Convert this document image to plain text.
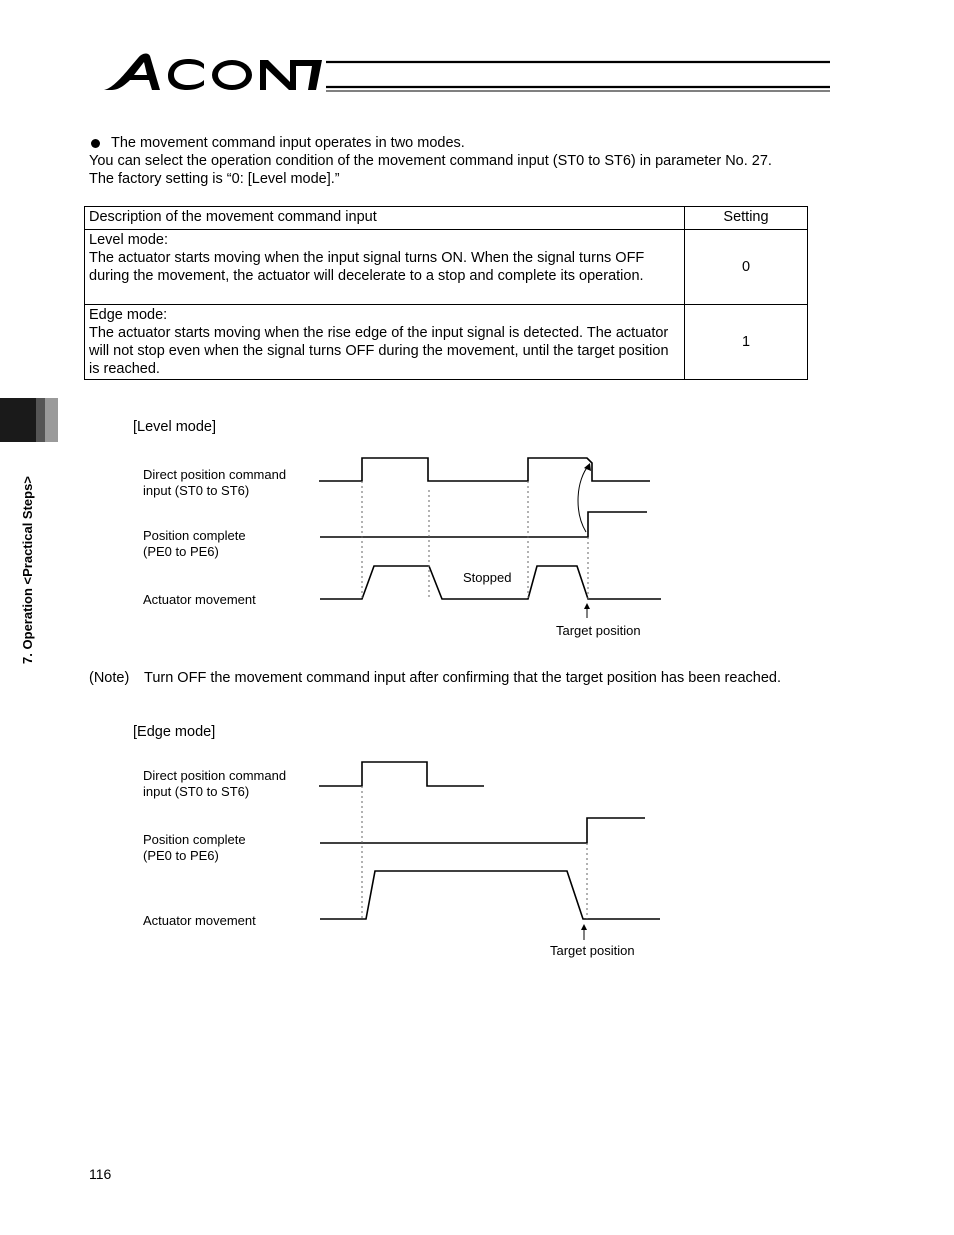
The movement command input operates in two modes.
You can select the operation condition of the movement command input (ST0 to ST6) in parameter No. 27.
The factory setting is “0: [Level mode].”
Description of the movement command input	Setting

Level mode:
The actuator starts moving when the input signal turns ON. When the signal turns OFF during the movement, the actuator will decelerate to a stop and complete its operation.	0

Edge mode:
The actuator starts moving when the rise edge of the input signal is detected. The actuator will not stop even when the signal turns OFF during the movement, until the target position is reached.	1
7. Operation <Practical Steps>
[Level mode]
Direct position command
input (ST0 to ST6)
Position complete
(PE0 to PE6)
Actuator movement
Stopped
Target position
(Note) Turn OFF the movement command input after confirming that the target position has been reached.
[Edge mode]
Direct position command
input (ST0 to ST6)
Position complete
(PE0 to PE6)
Actuator movement
Target position
116
